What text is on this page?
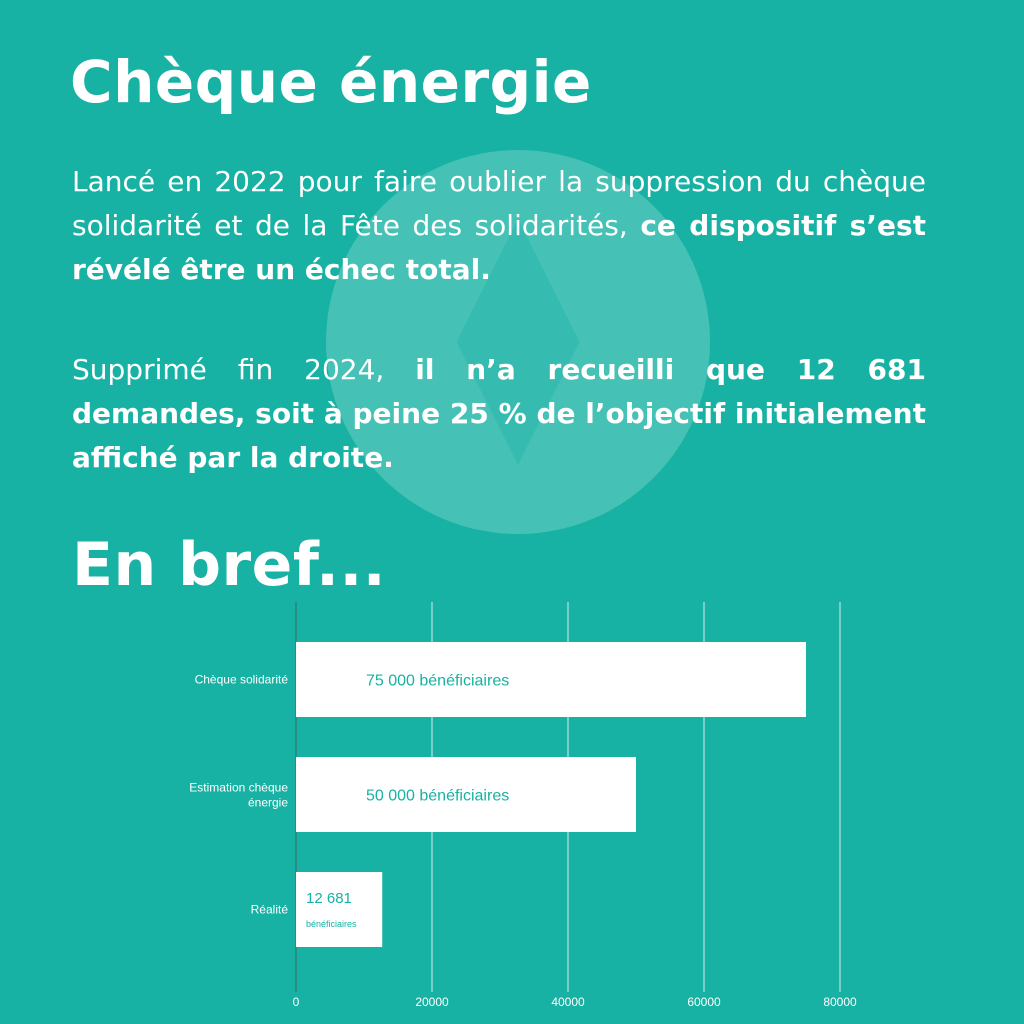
Chèque énergie

Lancé en 2022 pour faire oublier la suppression du chèque solidarité et de la Fête des solidarités, ce dispositif s’est révélé être un échec total.

Supprimé fin 2024, il n’a recueilli que 12 681 demandes, soit à peine 25 % de l’objectif initialement affiché par la droite.

En bref...
Chèque solidarité	75 000 bénéficiaires
Estimation chèque énergie	50 000 bénéficiaires
Réalité
12 681
bénéficiaires
0	20000	40000	60000	80000
